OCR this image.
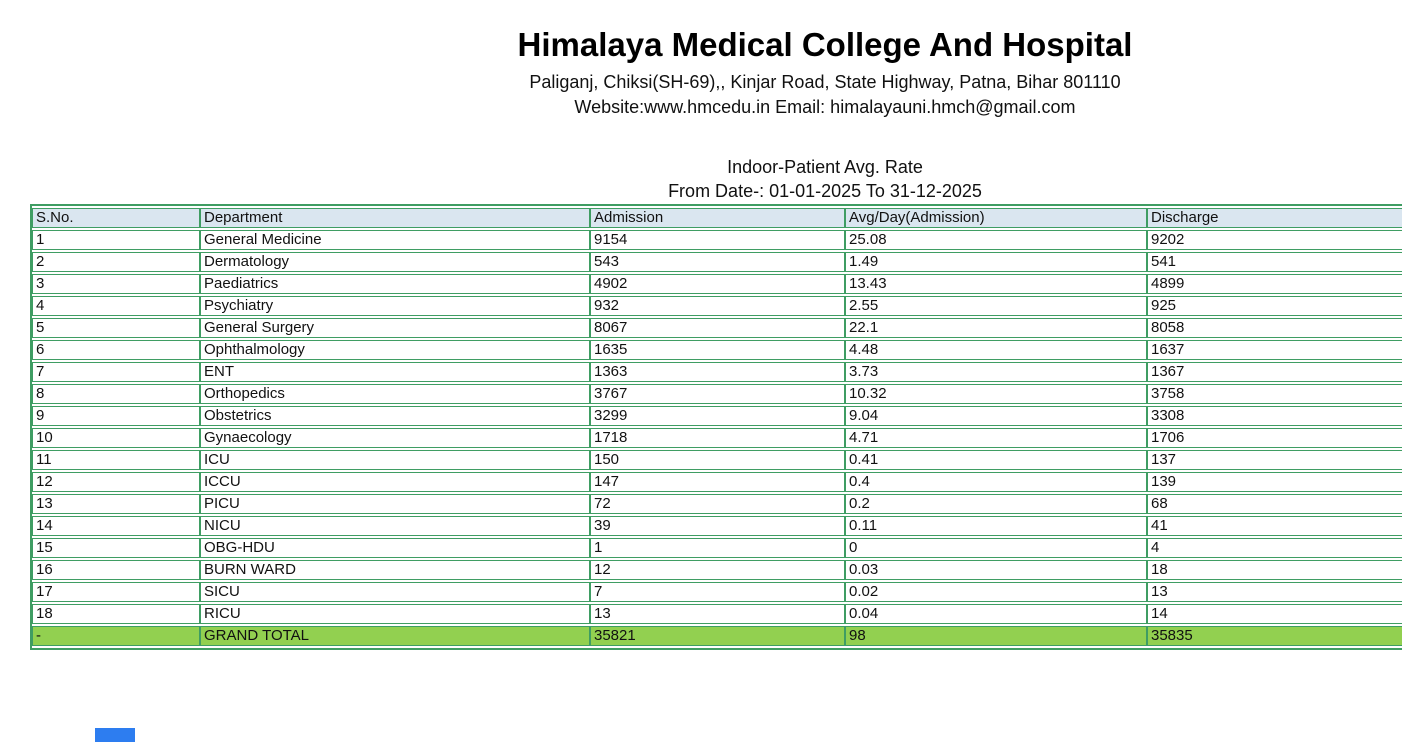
Himalaya Medical College And Hospital
Paliganj, Chiksi(SH-69),, Kinjar Road, State Highway, Patna, Bihar 801110
Website:www.hmcedu.in Email: himalayauni.hmch@gmail.com
Indoor-Patient Avg. Rate
From Date-: 01-01-2025 To 31-12-2025
S.No.	Department	Admission	Avg/Day(Admission)	Discharge
1	General Medicine	9154	25.08	9202
2	Dermatology	543	1.49	541
3	Paediatrics	4902	13.43	4899
4	Psychiatry	932	2.55	925
5	General Surgery	8067	22.1	8058
6	Ophthalmology	1635	4.48	1637
7	ENT	1363	3.73	1367
8	Orthopedics	3767	10.32	3758
9	Obstetrics	3299	9.04	3308
10	Gynaecology	1718	4.71	1706
11	ICU	150	0.41	137
12	ICCU	147	0.4	139
13	PICU	72	0.2	68
14	NICU	39	0.11	41
15	OBG-HDU	1	0	4
16	BURN WARD	12	0.03	18
17	SICU	7	0.02	13
18	RICU	13	0.04	14
-	GRAND TOTAL	35821	98	35835
